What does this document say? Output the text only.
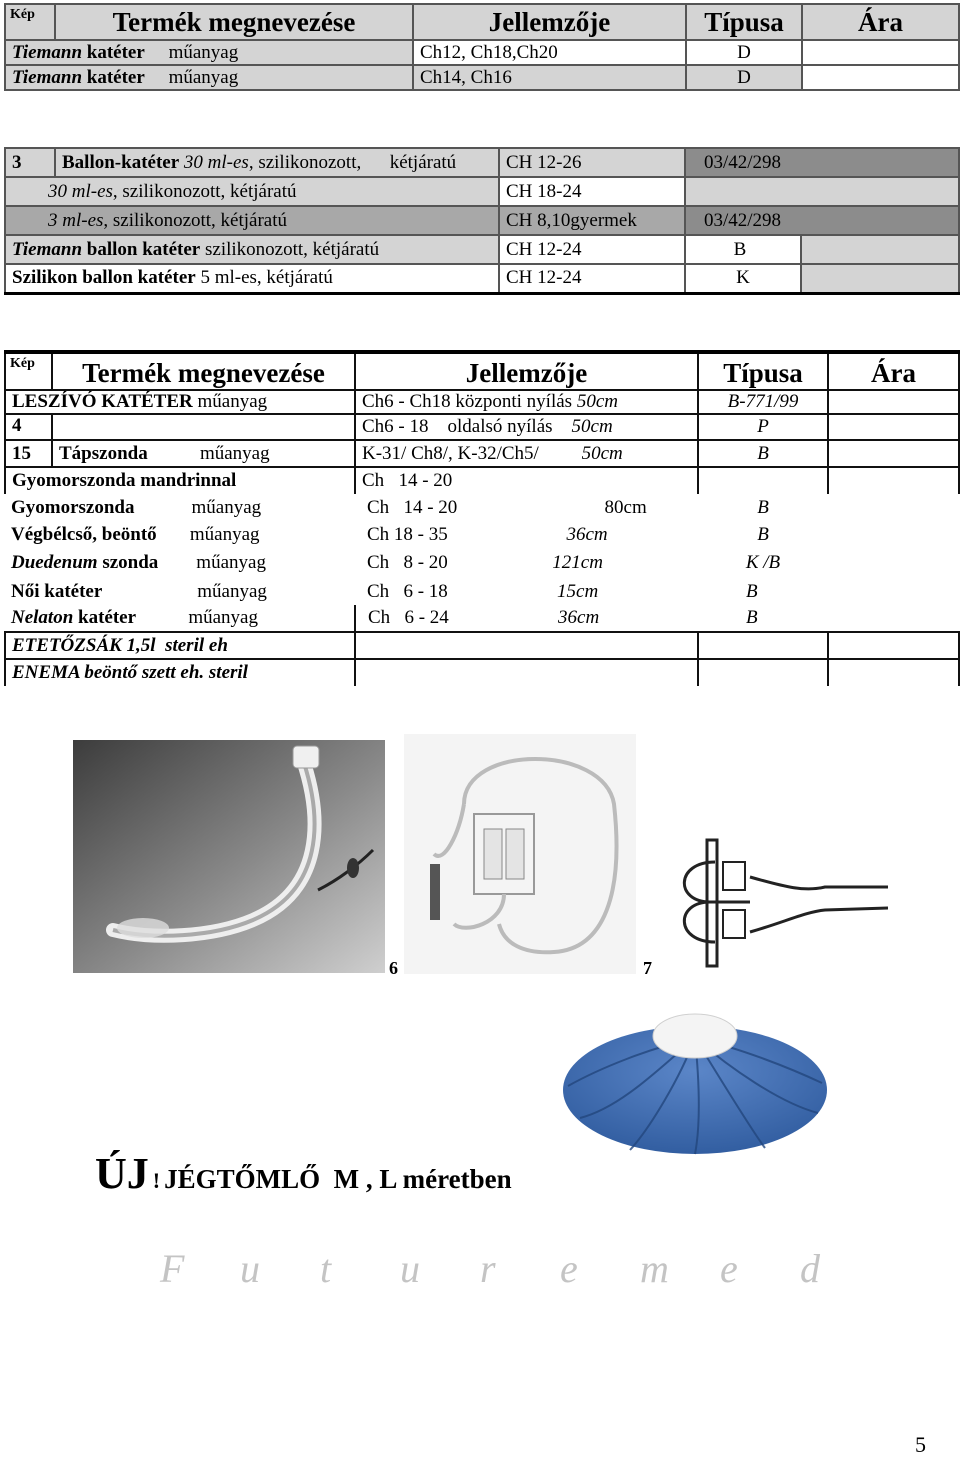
Kép	Termék megnevezése	Jellemzője	Típusa	Ára
Tiemann katéter műanyag		Ch12, Ch18,Ch20	D	
Tiemann katéter műanyag		Ch14, Ch16	D	
3	Ballon-katéter 30 ml-es, szilikonozott, kétjáratú	CH 12-26	03/42/298	
30 ml-es, szilikonozott, kétjáratú		CH 18-24		
3 ml-es, szilikonozott, kétjáratú		CH 8,10gyermek	03/42/298	
Tiemann ballon katéter szilikonozott, kétjáratú		CH 12-24	B	
Szilikon ballon katéter 5 ml-es, kétjáratú		CH 12-24	K	
Kép	Termék megnevezése	Jellemzője	Típusa	Ára
LESZÍVÓ KATÉTER műanyag		Ch6 - Ch18 központi nyílás 50cm	B-771/99	
4		Ch6 - 18 oldalsó nyílás 50cm	P	
15	Tápszonda műanyag	K-31/ Ch8/, K-32/Ch5/ 50cm	B	
Gyomorszonda mandrinnal		Ch 14 - 20		
Gyomorszonda műanyag		Ch 14 - 20 80cm	B	
Végbélcső, beöntő műanyag		Ch 18 - 35 36cm	B	
Duedenum szonda műanyag		Ch 8 - 20 121cm	K /B	
Női katéter műanyag		Ch 6 - 18 15cm	B	
Nelaton katéter műanyag		Ch 6 - 24 36cm	B	
ETETŐZSÁK 1,5l steril eh				
ENEMA beöntő szett eh. steril				
6	7
ÚJ ! JÉGTŐMLŐ  M , L méretben
F u t u r e m e d
5
